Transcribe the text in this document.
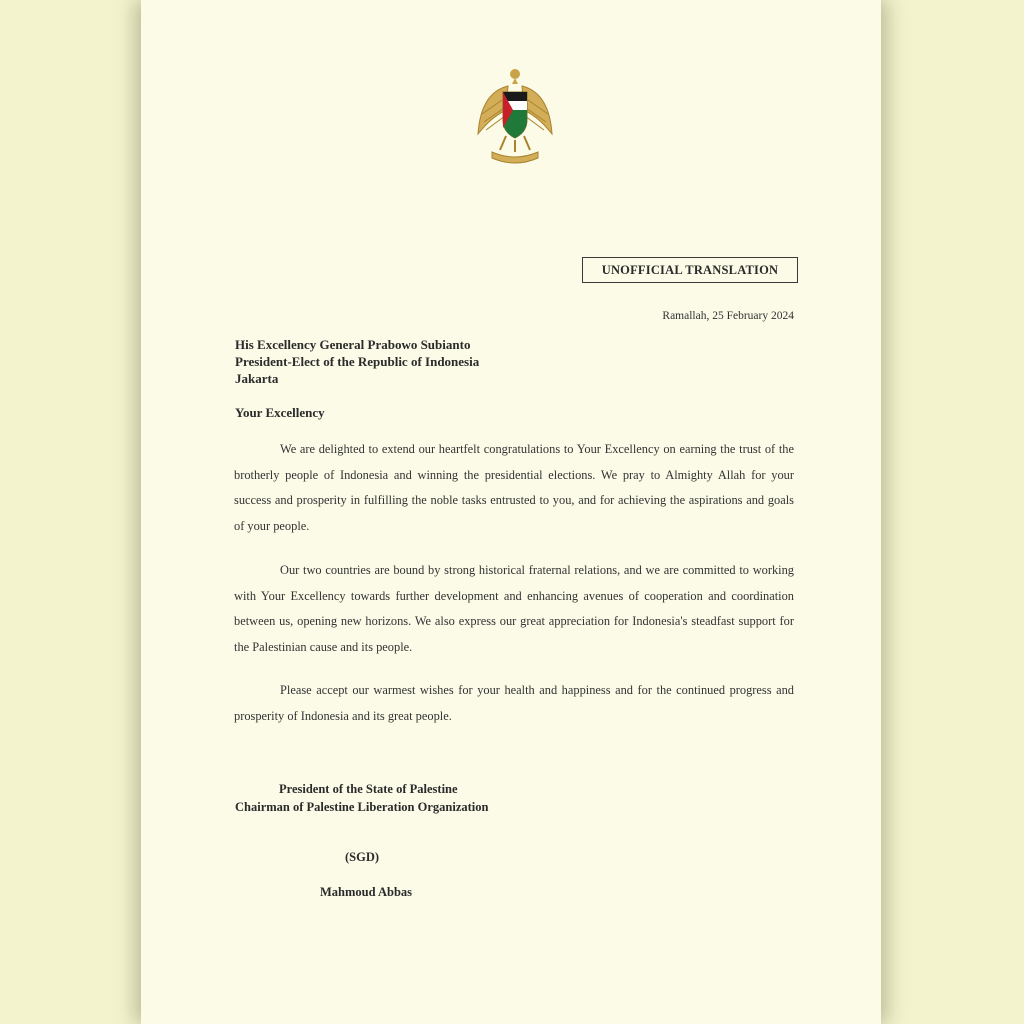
UNOFFICIAL TRANSLATION
Ramallah, 25 February 2024
His Excellency General Prabowo Subianto
President-Elect of the Republic of Indonesia
Jakarta
Your Excellency
We are delighted to extend our heartfelt congratulations to Your Excellency on earning the trust of the brotherly people of Indonesia and winning the presidential elections. We pray to Almighty Allah for your success and prosperity in fulfilling the noble tasks entrusted to you, and for achieving the aspirations and goals of your people.
Our two countries are bound by strong historical fraternal relations, and we are committed to working with Your Excellency towards further development and enhancing avenues of cooperation and coordination between us, opening new horizons. We also express our great appreciation for Indonesia's steadfast support for the Palestinian cause and its people.
Please accept our warmest wishes for your health and happiness and for the continued progress and prosperity of Indonesia and its great people.
President of the State of Palestine
Chairman of Palestine Liberation Organization
(SGD)
Mahmoud Abbas
